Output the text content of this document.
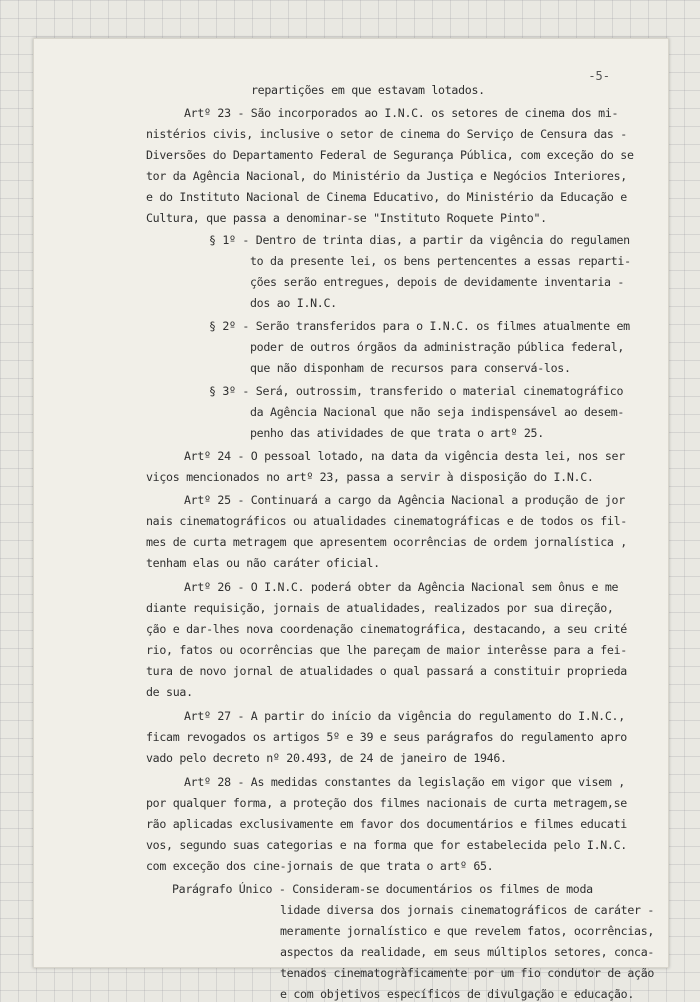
-5-
repartições em que estavam lotados.
Artº 23 - São incorporados ao I.N.C. os setores de cinema dos mi-
nistérios civis, inclusive o setor de cinema do Serviço de Censura das -
Diversões do Departamento Federal de Segurança Pública, com exceção do se
tor da Agência Nacional, do Ministério da Justiça e Negócios Interiores,
e do Instituto Nacional de Cinema Educativo, do Ministério da Educação e
Cultura, que passa a denominar-se "Instituto Roquete Pinto".
§ 1º - Dentro de trinta dias, a partir da vigência do regulamen
to da presente lei, os bens pertencentes a essas reparti-
ções serão entregues, depois de devidamente inventaria -
dos ao I.N.C.
§ 2º - Serão transferidos para o I.N.C. os filmes atualmente em
poder de outros órgãos da administração pública federal,
que não disponham de recursos para conservá-los.
§ 3º - Será, outrossim, transferido o material cinematográfico
da Agência Nacional que não seja indispensável ao desem-
penho das atividades de que trata o artº 25.
Artº 24 - O pessoal lotado, na data da vigência desta lei, nos ser
viços mencionados no artº 23, passa a servir à disposição do I.N.C.
Artº 25 - Continuará a cargo da Agência Nacional a produção de jor
nais cinematográficos ou atualidades cinematográficas e de todos os fil-
mes de curta metragem que apresentem ocorrências de ordem jornalística ,
tenham elas ou não caráter oficial.
Artº 26 - O I.N.C. poderá obter da Agência Nacional sem ônus e me
diante requisição, jornais de atualidades, realizados por sua direção,
ção e dar-lhes nova coordenação cinematográfica, destacando, a seu crité
rio, fatos ou ocorrências que lhe pareçam de maior interêsse para a fei-
tura de novo jornal de atualidades o qual passará a constituir proprieda
de sua.
Artº 27 - A partir do início da vigência do regulamento do I.N.C.,
ficam revogados os artigos 5º e 39 e seus parágrafos do regulamento apro
vado pelo decreto nº 20.493, de 24 de janeiro de 1946.
Artº 28 - As medidas constantes da legislação em vigor que visem ,
por qualquer forma, a proteção dos filmes nacionais de curta metragem,se
rão aplicadas exclusivamente em favor dos documentários e filmes educati
vos, segundo suas categorias e na forma que for estabelecida pelo I.N.C.
com exceção dos cine-jornais de que trata o artº 65.
Parágrafo Único - Consideram-se documentários os filmes de moda
lidade diversa dos jornais cinematográficos de caráter -
meramente jornalístico e que revelem fatos, ocorrências,
aspectos da realidade, em seus múltiplos setores, conca-
tenados cinematogràficamente por um fio condutor de ação
e com objetivos específicos de divulgação e educação.
